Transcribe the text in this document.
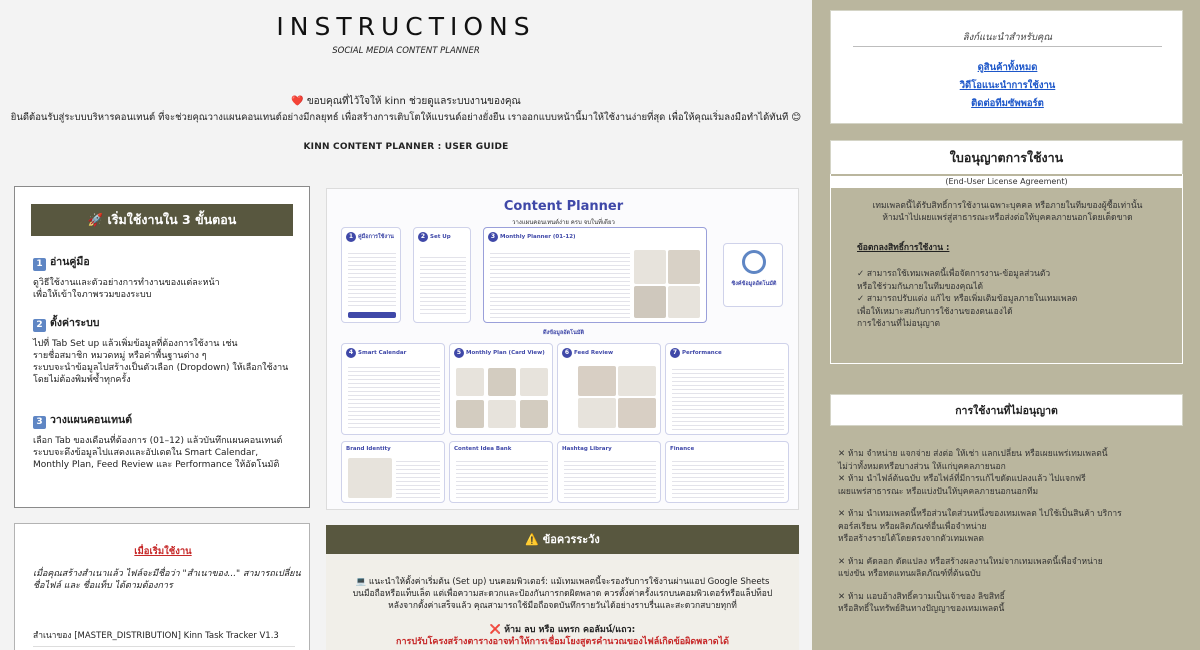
INSTRUCTIONS
SOCIAL MEDIA CONTENT PLANNER
❤️ ขอบคุณที่ไว้ใจให้ kinn ช่วยดูแลระบบงานของคุณ
ยินดีต้อนรับสู่ระบบบริหารคอนเทนต์ ที่จะช่วยคุณวางแผนคอนเทนต์อย่างมีกลยุทธ์ เพื่อสร้างการเติบโตให้แบรนด์อย่างยั่งยืน เราออกแบบหน้านี้มาให้ใช้งานง่ายที่สุด เพื่อให้คุณเริ่มลงมือทำได้ทันที 😊
KINN CONTENT PLANNER : USER GUIDE
🚀 เริ่มใช้งานใน 3 ขั้นตอน
1 อ่านคู่มือ
ดูวิธีใช้งานและตัวอย่างการทำงานของแต่ละหน้า
เพื่อให้เข้าใจภาพรวมของระบบ
2 ตั้งค่าระบบ
ไปที่ Tab Set up แล้วเพิ่มข้อมูลที่ต้องการใช้งาน เช่น
รายชื่อสมาชิก หมวดหมู่ หรือค่าพื้นฐานต่าง ๆ
ระบบจะนำข้อมูลไปสร้างเป็นตัวเลือก (Dropdown) ให้เลือกใช้งาน
โดยไม่ต้องพิมพ์ซ้ำทุกครั้ง
3 วางแผนคอนเทนต์
เลือก Tab ของเดือนที่ต้องการ (01–12) แล้วบันทึกแผนคอนเทนต์
ระบบจะดึงข้อมูลไปแสดงและอัปเดตใน Smart Calendar,
Monthly Plan, Feed Review และ Performance ให้อัตโนมัติ
Content Planner
วางแผนคอนเทนต์ง่าย ครบ จบในที่เดียว
1 คู่มือการใช้งาน	2 Set Up	3 Monthly Planner (01-12)
ซิงค์ข้อมูลอัตโนมัติ
ดึงข้อมูลอัตโนมัติ
4 Smart Calendar	5 Monthly Plan (Card View)	6 Feed Review	7 Performance
Brand Identity	Content Idea Bank	Hashtag Library	Finance
เมื่อเริ่มใช้งาน
เมื่อคุณสร้างสำเนาแล้ว ไฟล์จะมีชื่อว่า "สำเนาของ..." สามารถเปลี่ยน
ชื่อไฟล์ และ ชื่อแท็บ ได้ตามต้องการ
สำเนาของ [MASTER_DISTRIBUTION] Kinn Task Tracker V1.3
⚠️ ข้อควรระวัง
💻 แนะนำให้ตั้งค่าเริ่มต้น (Set up) บนคอมพิวเตอร์: แม้เทมเพลตนี้จะรองรับการใช้งานผ่านแอป Google Sheets
บนมือถือหรือแท็บเล็ต แต่เพื่อความสะดวกและป้องกันการกดผิดพลาด ควรตั้งค่าครั้งแรกบนคอมพิวเตอร์หรือแล็ปท็อป
หลังจากตั้งค่าเสร็จแล้ว คุณสามารถใช้มือถือจดบันทึกรายวันได้อย่างราบรื่นและสะดวกสบายทุกที่
❌ ห้าม ลบ หรือ แทรก คอลัมน์/แถว:
การปรับโครงสร้างตารางอาจทำให้การเชื่อมโยงสูตรคำนวณของไฟล์เกิดข้อผิดพลาดได้
ลิงก์แนะนำสำหรับคุณ
ดูสินค้าทั้งหมด
วิดีโอแนะนำการใช้งาน
ติดต่อทีมซัพพอร์ต
ใบอนุญาตการใช้งาน
(End-User License Agreement)
เทมเพลตนี้ได้รับสิทธิ์การใช้งานเฉพาะบุคคล หรือภายในทีมของผู้ซื้อเท่านั้น
ห้ามนำไปเผยแพร่สู่สาธารณะหรือส่งต่อให้บุคคลภายนอกโดยเด็ดขาด
ข้อตกลงสิทธิ์การใช้งาน :
✓ สามารถใช้เทมเพลตนี้เพื่อจัดการงาน-ข้อมูลส่วนตัว
หรือใช้ร่วมกันภายในทีมของคุณได้
✓ สามารถปรับแต่ง แก้ไข หรือเพิ่มเติมข้อมูลภายในเทมเพลต
เพื่อให้เหมาะสมกับการใช้งานของตนเองได้
การใช้งานที่ไม่อนุญาต
การใช้งานที่ไม่อนุญาต
✕ ห้าม จำหน่าย แจกจ่าย ส่งต่อ ให้เช่า แลกเปลี่ยน หรือเผยแพร่เทมเพลตนี้
ไม่ว่าทั้งหมดหรือบางส่วน ให้แก่บุคคลภายนอก
✕ ห้าม นำไฟล์ต้นฉบับ หรือไฟล์ที่มีการแก้ไขดัดแปลงแล้ว ไปแจกฟรี
เผยแพร่สาธารณะ หรือแบ่งปันให้บุคคลภายนอกนอกทีม
✕ ห้าม นำเทมเพลตนี้หรือส่วนใดส่วนหนึ่งของเทมเพลต ไปใช้เป็นสินค้า บริการ
คอร์สเรียน หรือผลิตภัณฑ์อื่นเพื่อจำหน่าย
หรือสร้างรายได้โดยตรงจากตัวเทมเพลต
✕ ห้าม คัดลอก ดัดแปลง หรือสร้างผลงานใหม่จากเทมเพลตนี้เพื่อจำหน่าย
แข่งขัน หรือทดแทนผลิตภัณฑ์ที่ต้นฉบับ
✕ ห้าม แอบอ้างสิทธิ์ความเป็นเจ้าของ ลิขสิทธิ์
หรือสิทธิ์ในทรัพย์สินทางปัญญาของเทมเพลตนี้
